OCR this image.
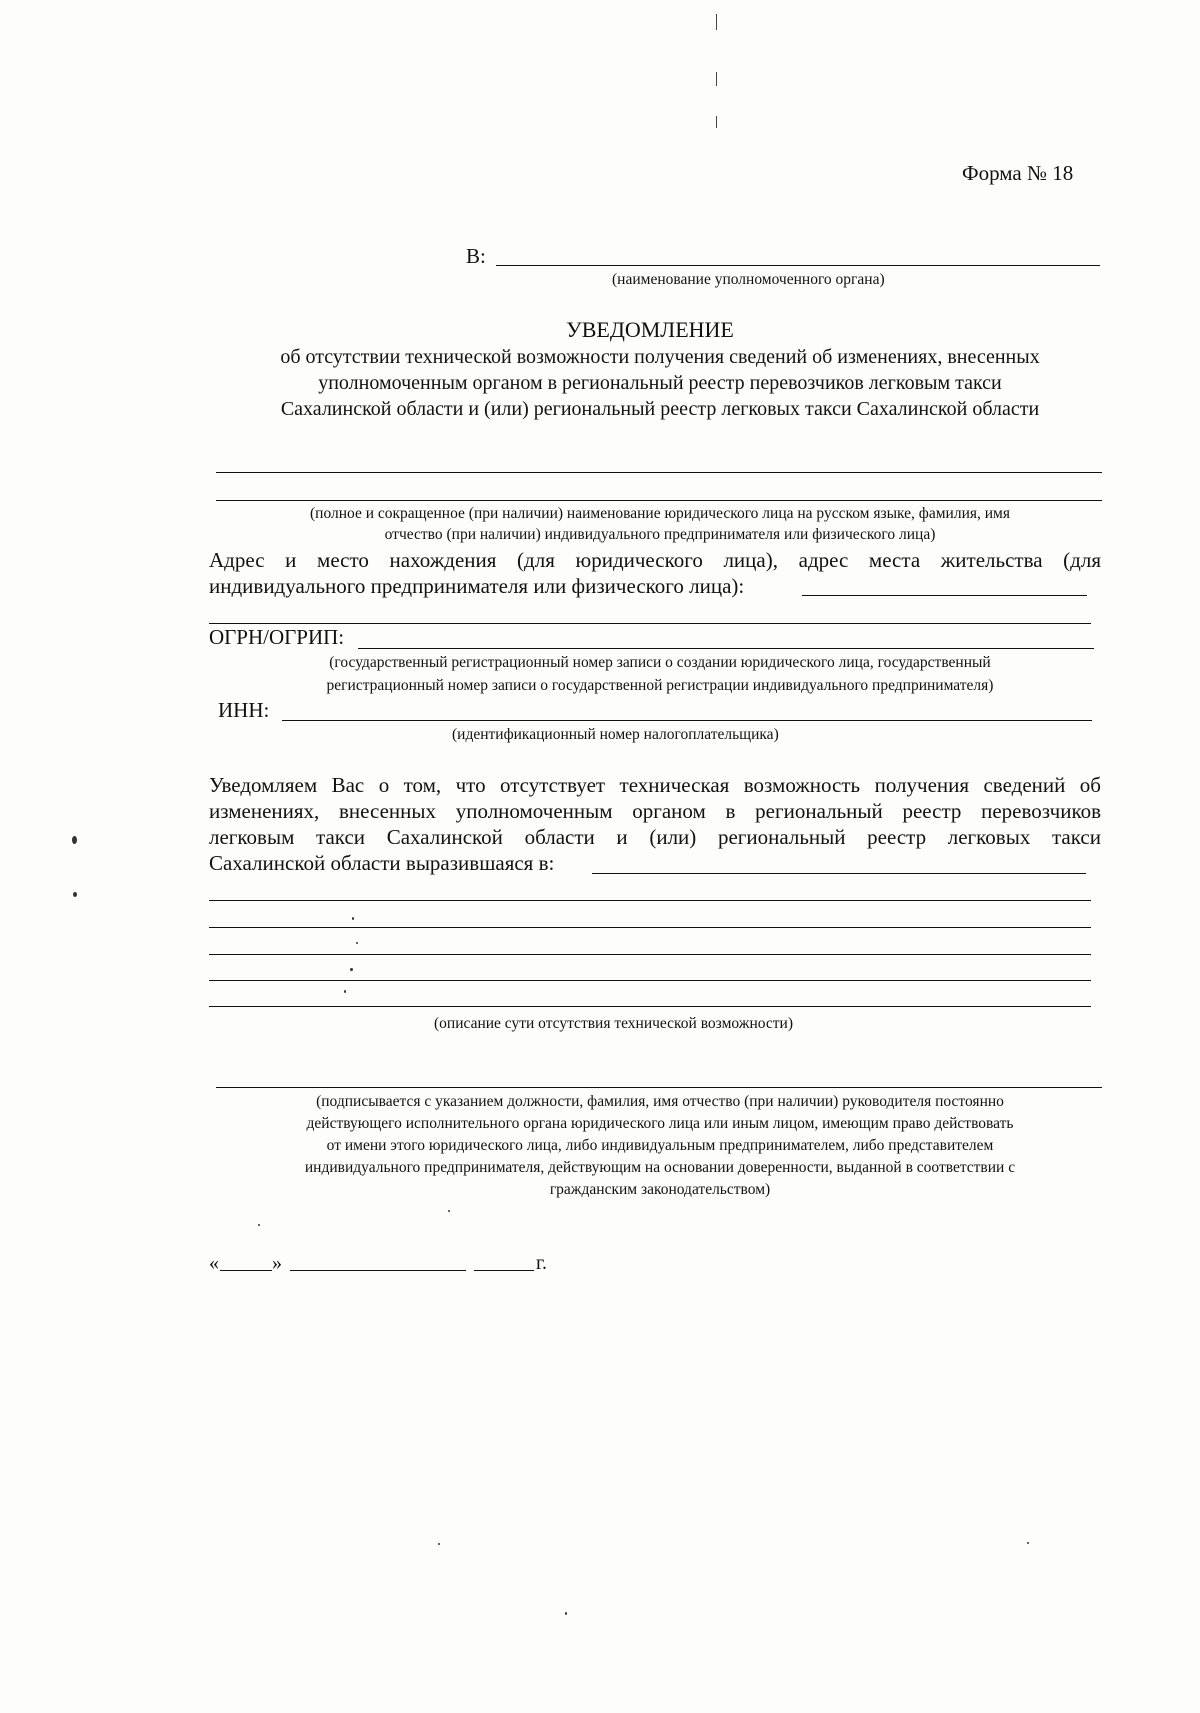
Форма № 18
В:
(наименование уполномоченного органа)
УВЕДОМЛЕНИЕ
об отсутствии технической возможности получения сведений об изменениях, внесенных
уполномоченным органом в региональный реестр перевозчиков легковым такси
Сахалинской области и (или) региональный реестр легковых такси Сахалинской области
(полное и сокращенное (при наличии) наименование юридического лица на русском языке, фамилия, имя
отчество (при наличии) индивидуального предпринимателя или физического лица)
Адрес и место нахождения (для юридического лица), адрес места жительства (для
индивидуального предпринимателя или физического лица):
ОГРН/ОГРИП:
(государственный регистрационный номер записи о создании юридического лица, государственный
регистрационный номер записи о государственной регистрации индивидуального предпринимателя)
ИНН:
(идентификационный номер налогоплательщика)
Уведомляем Вас о том, что отсутствует техническая возможность получения сведений об
изменениях, внесенных уполномоченным органом в региональный реестр перевозчиков
легковым такси Сахалинской области и (или) региональный реестр легковых такси
Сахалинской области выразившаяся в:
(описание сути отсутствия технической возможности)
(подписывается с указанием должности, фамилия, имя отчество (при наличии) руководителя постоянно
действующего исполнительного органа юридического лица или иным лицом, имеющим право действовать
от имени этого юридического лица, либо индивидуальным предпринимателем, либо представителем
индивидуального предпринимателя, действующим на основании доверенности, выданной в соответствии с
гражданским законодательством)
«	»	г.
